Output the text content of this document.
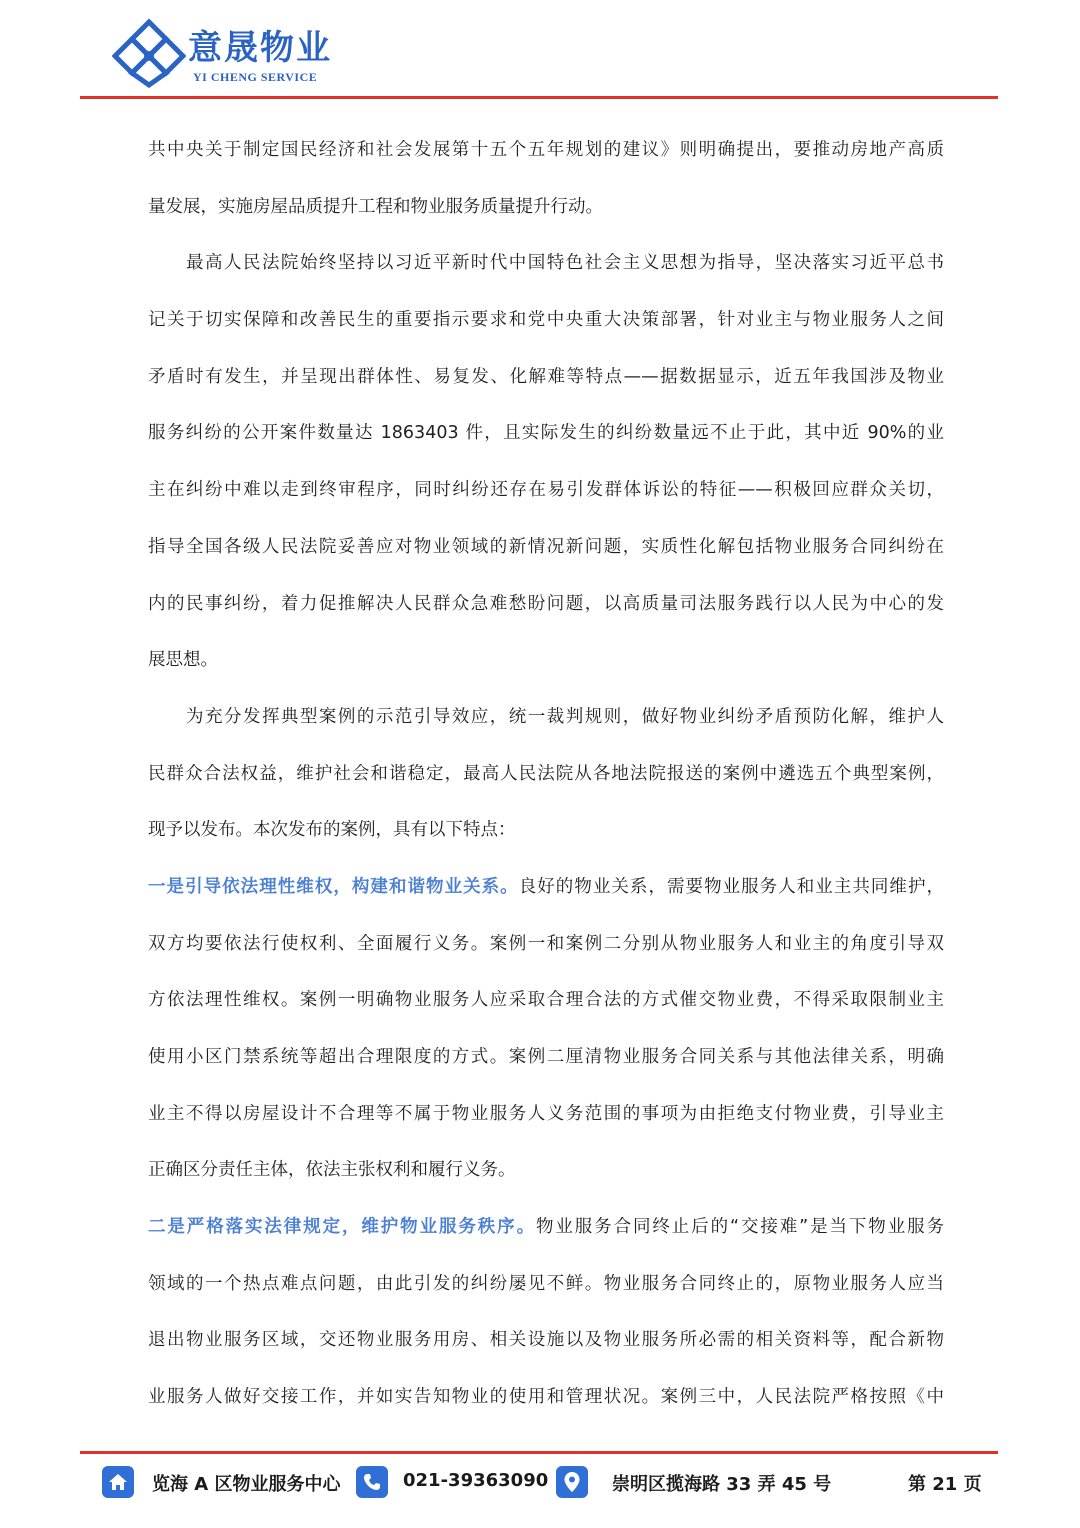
意晟物业
YI CHENG SERVICE
共中央关于制定国民经济和社会发展第十五个五年规划的建议》则明确提出，要推动房地产高质
量发展，实施房屋品质提升工程和物业服务质量提升行动。
最高人民法院始终坚持以习近平新时代中国特色社会主义思想为指导，坚决落实习近平总书
记关于切实保障和改善民生的重要指示要求和党中央重大决策部署，针对业主与物业服务人之间
矛盾时有发生，并呈现出群体性、易复发、化解难等特点——据数据显示，近五年我国涉及物业
服务纠纷的公开案件数量达 1863403 件，且实际发生的纠纷数量远不止于此，其中近 90%的业
主在纠纷中难以走到终审程序，同时纠纷还存在易引发群体诉讼的特征——积极回应群众关切，
指导全国各级人民法院妥善应对物业领域的新情况新问题，实质性化解包括物业服务合同纠纷在
内的民事纠纷，着力促推解决人民群众急难愁盼问题，以高质量司法服务践行以人民为中心的发
展思想。
为充分发挥典型案例的示范引导效应，统一裁判规则，做好物业纠纷矛盾预防化解，维护人
民群众合法权益，维护社会和谐稳定，最高人民法院从各地法院报送的案例中遴选五个典型案例，
现予以发布。本次发布的案例，具有以下特点：
一是引导依法理性维权，构建和谐物业关系。良好的物业关系，需要物业服务人和业主共同维护，
双方均要依法行使权利、全面履行义务。案例一和案例二分别从物业服务人和业主的角度引导双
方依法理性维权。案例一明确物业服务人应采取合理合法的方式催交物业费，不得采取限制业主
使用小区门禁系统等超出合理限度的方式。案例二厘清物业服务合同关系与其他法律关系，明确
业主不得以房屋设计不合理等不属于物业服务人义务范围的事项为由拒绝支付物业费，引导业主
正确区分责任主体，依法主张权利和履行义务。
二是严格落实法律规定，维护物业服务秩序。物业服务合同终止后的“交接难”是当下物业服务
领域的一个热点难点问题，由此引发的纠纷屡见不鲜。物业服务合同终止的，原物业服务人应当
退出物业服务区域，交还物业服务用房、相关设施以及物业服务所必需的相关资料等，配合新物
业服务人做好交接工作，并如实告知物业的使用和管理状况。案例三中，人民法院严格按照《中
览海 A 区物业服务中心	021-39363090	崇明区揽海路 33 弄 45 号	第 21 页
